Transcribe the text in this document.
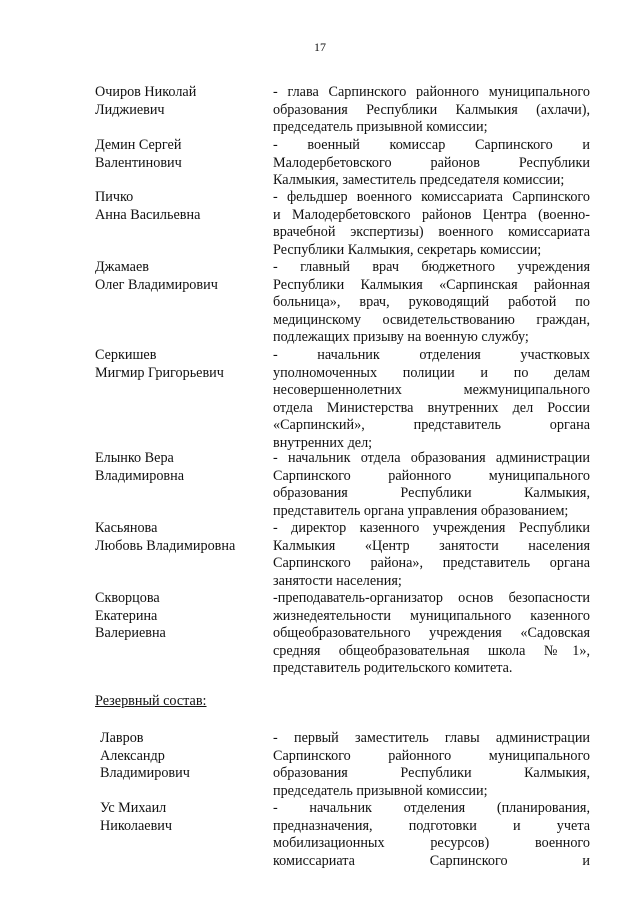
17
Очиров Николай
Лиджиевич
- глава Сарпинского районного муниципального
образования Республики Калмыкия (ахлачи),
председатель призывной комиссии;
Демин Сергей
Валентинович
- военный комиссар Сарпинского и
Малодербетовского районов Республики
Калмыкия, заместитель председателя комиссии;
Пичко
Анна Васильевна
- фельдшер военного комиссариата Сарпинского
и Малодербетовского районов Центра (военно-
врачебной экспертизы) военного комиссариата
Республики Калмыкия, секретарь комиссии;
Джамаев
Олег Владимирович
- главный врач бюджетного учреждения
Республики Калмыкия «Сарпинская районная
больница», врач, руководящий работой по
медицинскому освидетельствованию граждан,
подлежащих призыву на военную службу;
Серкишев
Мигмир Григорьевич
- начальник отделения участковых
уполномоченных полиции и по делам
несовершеннолетних межмуниципального
отдела Министерства внутренних дел России
«Сарпинский», представитель органа
внутренних дел;
Елынко Вера
Владимировна
- начальник отдела образования администрации
Сарпинского районного муниципального
образования Республики Калмыкия,
представитель органа управления образованием;
Касьянова
Любовь Владимировна
- директор казенного учреждения Республики
Калмыкия «Центр занятости населения
Сарпинского района», представитель органа
занятости населения;
Скворцова
Екатерина
Валериевна
-преподаватель-организатор основ безопасности
жизнедеятельности муниципального казенного
общеобразовательного учреждения «Садовская
средняя общеобразовательная школа №1»,
представитель родительского комитета.
Резервный состав:
Лавров
Александр
Владимирович
- первый заместитель главы администрации
Сарпинского районного муниципального
образования Республики Калмыкия,
председатель призывной комиссии;
Ус Михаил
Николаевич
- начальник отделения (планирования,
предназначения, подготовки и учета
мобилизационных ресурсов) военного
комиссариата Сарпинского и
